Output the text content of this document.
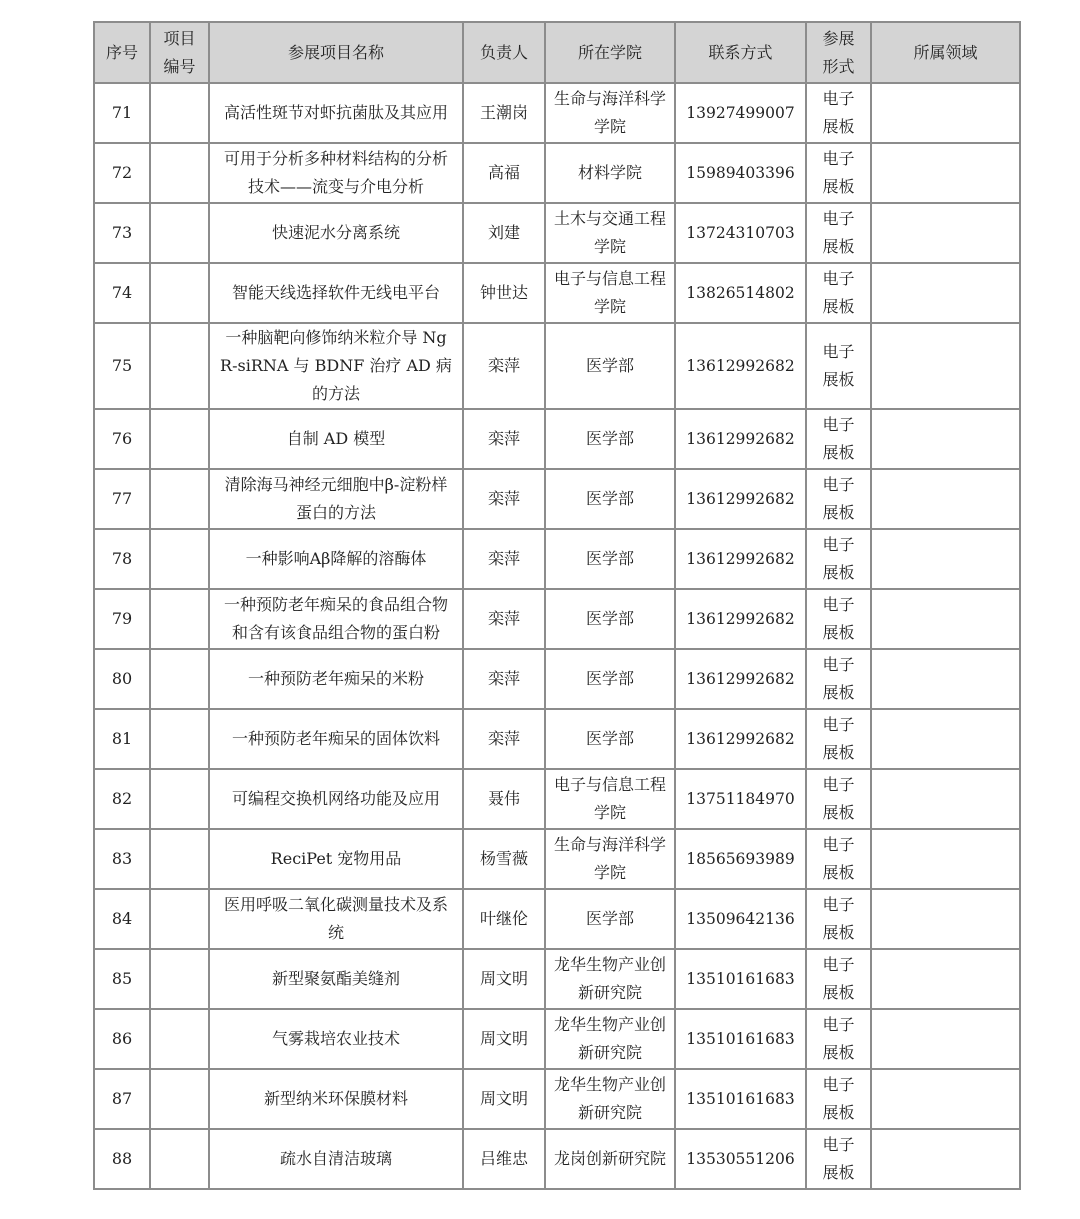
序号	项目编号	参展项目名称	负责人	所在学院	联系方式	参展形式	所属领域
71		高活性斑节对虾抗菌肽及其应用	王潮岗	生命与海洋科学学院	13927499007	电子展板	
72		可用于分析多种材料结构的分析技术——流变与介电分析	高福	材料学院	15989403396	电子展板	
73		快速泥水分离系统	刘建	土木与交通工程学院	13724310703	电子展板	
74		智能天线选择软件无线电平台	钟世达	电子与信息工程学院	13826514802	电子展板	
75		一种脑靶向修饰纳米粒介导 NgR-siRNA 与 BDNF 治疗 AD 病的方法	栾萍	医学部	13612992682	电子展板	
76		自制 AD 模型	栾萍	医学部	13612992682	电子展板	
77		清除海马神经元细胞中β-淀粉样蛋白的方法	栾萍	医学部	13612992682	电子展板	
78		一种影响Aβ降解的溶酶体	栾萍	医学部	13612992682	电子展板	
79		一种预防老年痴呆的食品组合物和含有该食品组合物的蛋白粉	栾萍	医学部	13612992682	电子展板	
80		一种预防老年痴呆的米粉	栾萍	医学部	13612992682	电子展板	
81		一种预防老年痴呆的固体饮料	栾萍	医学部	13612992682	电子展板	
82		可编程交换机网络功能及应用	聂伟	电子与信息工程学院	13751184970	电子展板	
83		ReciPet 宠物用品	杨雪薇	生命与海洋科学学院	18565693989	电子展板	
84		医用呼吸二氧化碳测量技术及系统	叶继伦	医学部	13509642136	电子展板	
85		新型聚氨酯美缝剂	周文明	龙华生物产业创新研究院	13510161683	电子展板	
86		气雾栽培农业技术	周文明	龙华生物产业创新研究院	13510161683	电子展板	
87		新型纳米环保膜材料	周文明	龙华生物产业创新研究院	13510161683	电子展板	
88		疏水自清洁玻璃	吕维忠	龙岗创新研究院	13530551206	电子展板	
